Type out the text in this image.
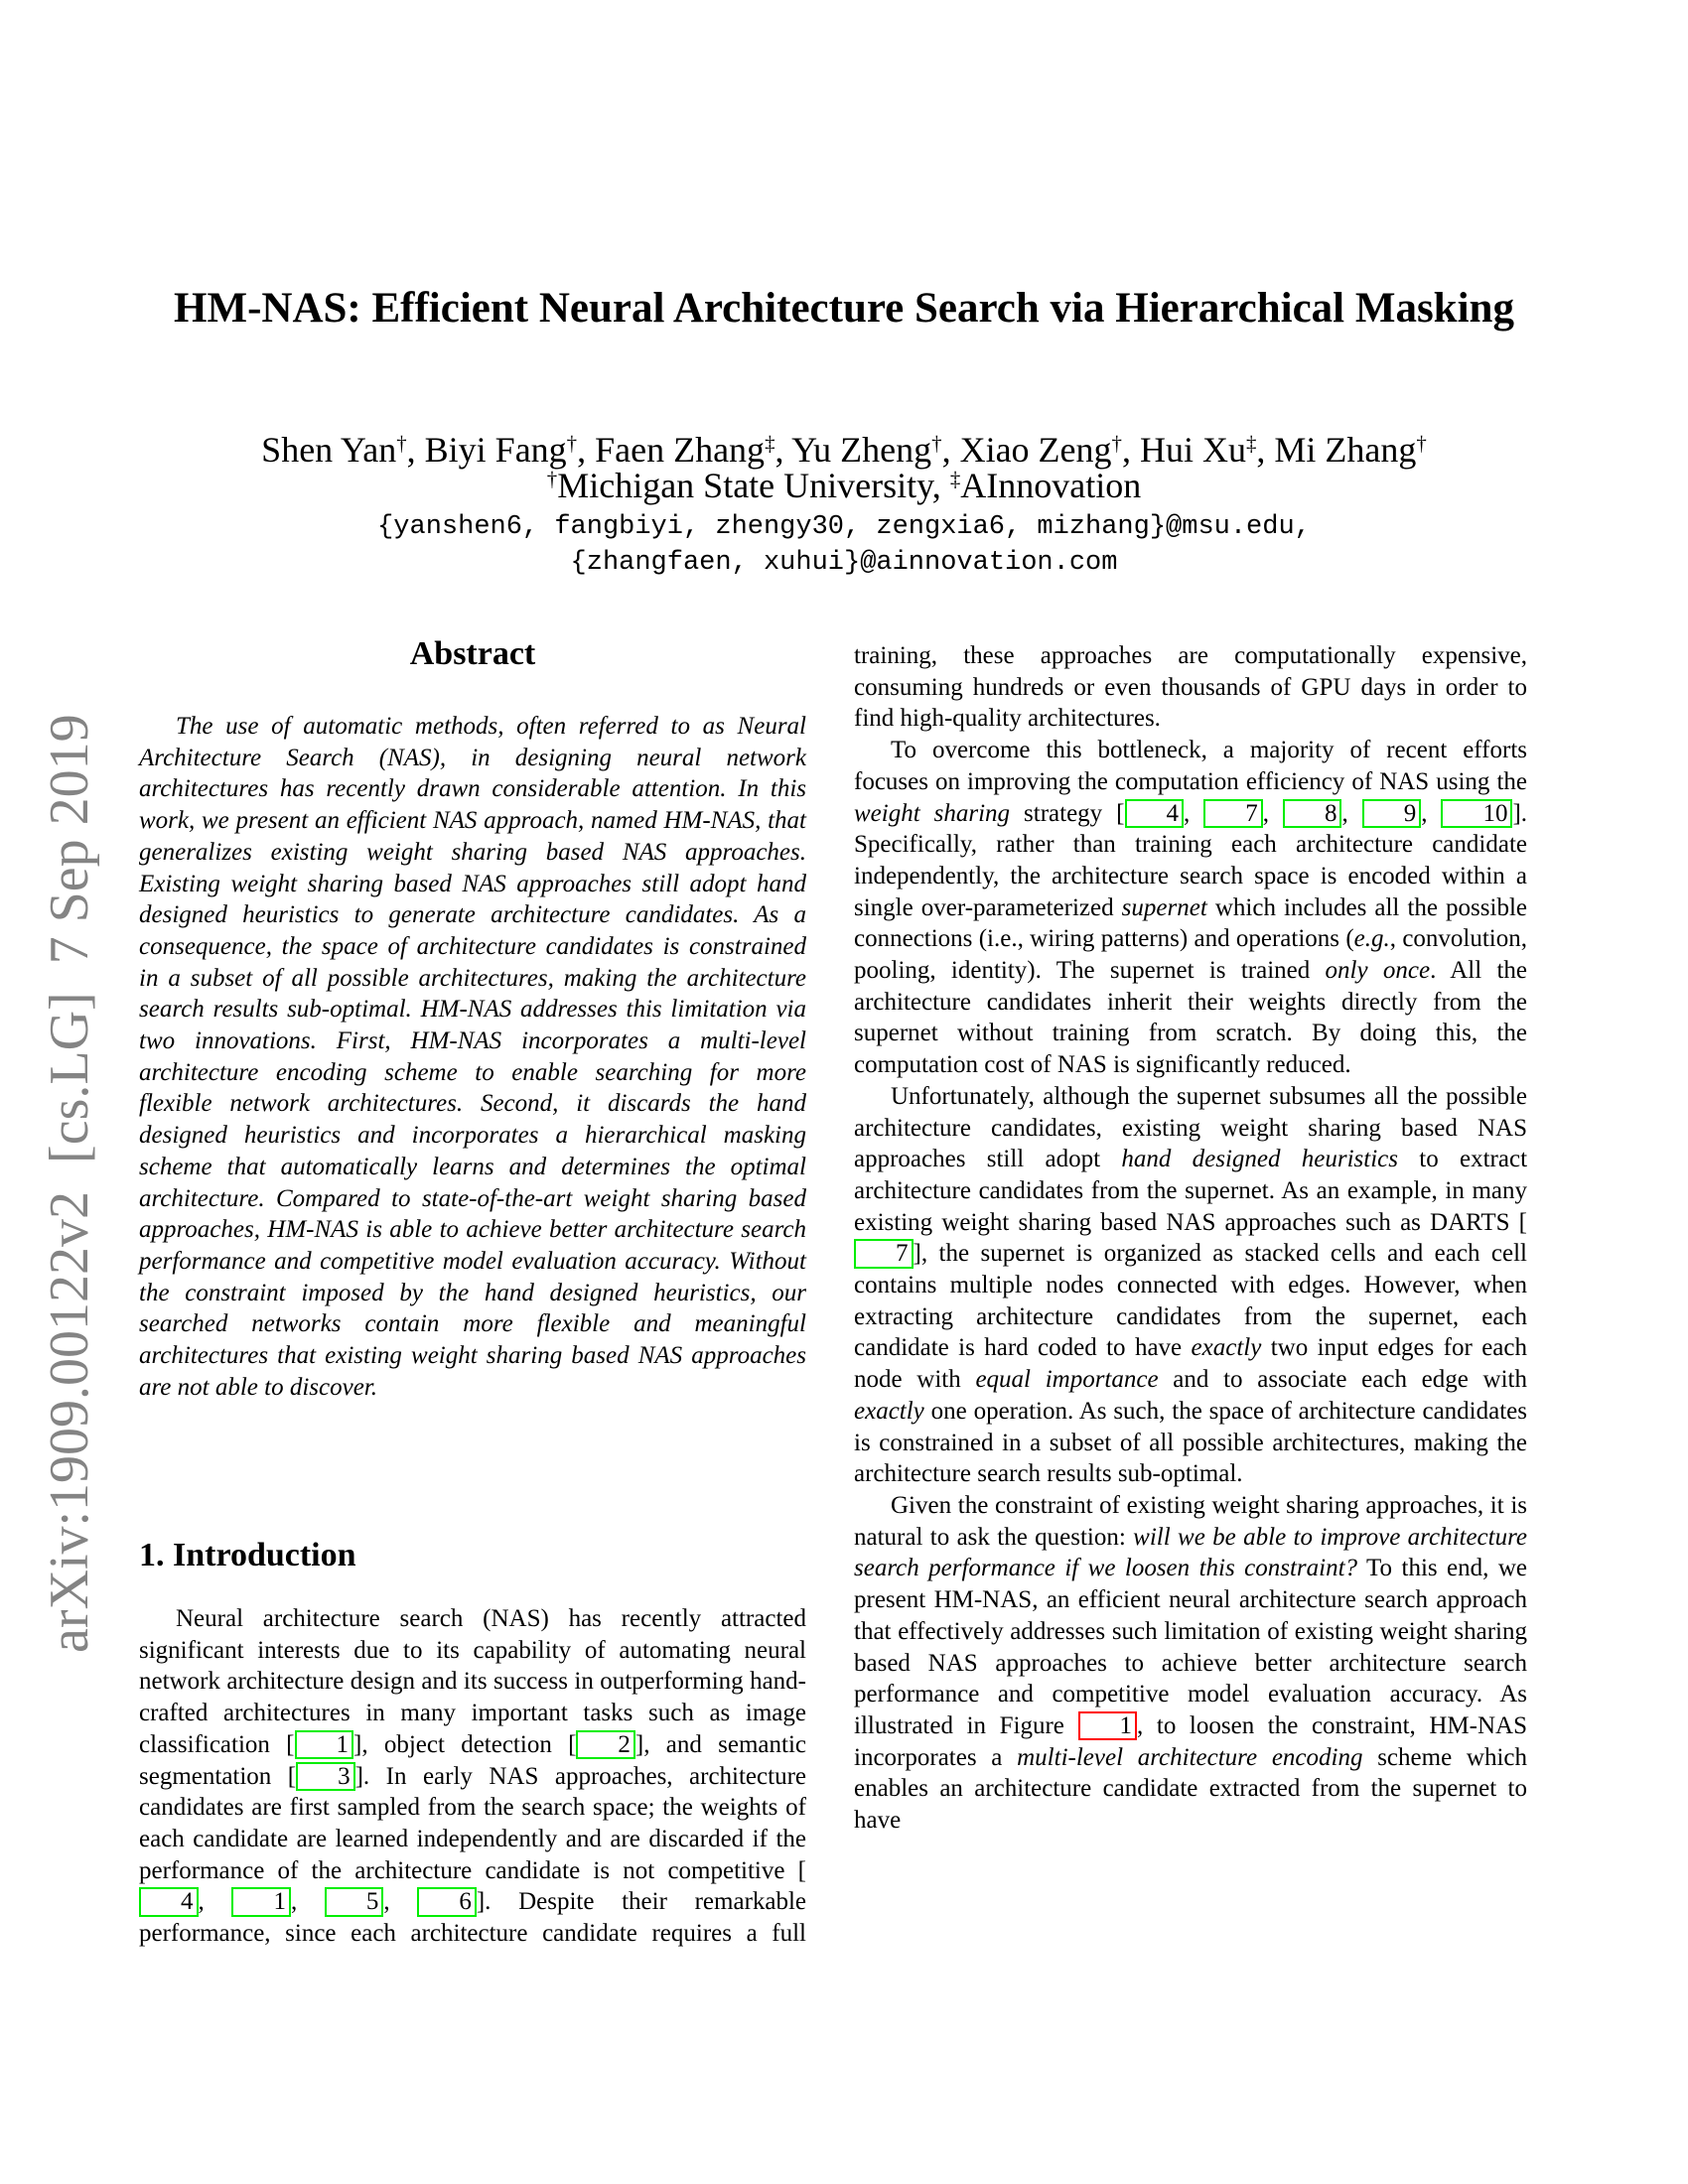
arXiv:1909.00122v2  [cs.LG]  7 Sep 2019
HM-NAS: Efficient Neural Architecture Search via Hierarchical Masking
Shen Yan†, Biyi Fang†, Faen Zhang‡, Yu Zheng†, Xiao Zeng†, Hui Xu‡, Mi Zhang†
†Michigan State University, ‡AInnovation
{yanshen6, fangbiyi, zhengy30, zengxia6, mizhang}@msu.edu,
{zhangfaen, xuhui}@ainnovation.com
Abstract

The use of automatic methods, often referred to as Neural Architecture Search (NAS), in designing neural network architectures has recently drawn considerable attention. In this work, we present an efficient NAS approach, named HM-NAS, that generalizes existing weight sharing based NAS approaches. Existing weight sharing based NAS approaches still adopt hand designed heuristics to generate architecture candidates. As a consequence, the space of architecture candidates is constrained in a subset of all possible architectures, making the architecture search results sub-optimal. HM-NAS addresses this limitation via two innovations. First, HM-NAS incorporates a multi-level architecture encoding scheme to enable searching for more flexible network architectures. Second, it discards the hand designed heuristics and incorporates a hierarchical masking scheme that automatically learns and determines the optimal architecture. Compared to state-of-the-art weight sharing based approaches, HM-NAS is able to achieve better architecture search performance and competitive model evaluation accuracy. Without the constraint imposed by the hand designed heuristics, our searched networks contain more flexible and meaningful architectures that existing weight sharing based NAS approaches are not able to discover.

1. Introduction

Neural architecture search (NAS) has recently attracted significant interests due to its capability of automating neural network architecture design and its success in outperforming hand-crafted architectures in many important tasks such as image classification [ 1 ], object detection [ 2 ], and semantic segmentation [ 3 ]. In early NAS approaches, architecture candidates are first sampled from the search space; the weights of each candidate are learned independently and are discarded if the performance of the architecture candidate is not competitive [4 , 1 , 5 , 6 ]. Despite their remarkable performance, since each architecture candidate requires a full

training, these approaches are computationally expensive, consuming hundreds or even thousands of GPU days in order to find high-quality architectures.

To overcome this bottleneck, a majority of recent efforts focuses on improving the computation efficiency of NAS using the weight sharing strategy [ 4 , 7 , 8 , 9 , 10 ]. Specifically, rather than training each architecture candidate independently, the architecture search space is encoded within a single over-parameterized supernet which includes all the possible connections (i.e., wiring patterns) and operations (e.g., convolution, pooling, identity). The supernet is trained only once. All the architecture candidates inherit their weights directly from the supernet without training from scratch. By doing this, the computation cost of NAS is significantly reduced.

Unfortunately, although the supernet subsumes all the possible architecture candidates, existing weight sharing based NAS approaches still adopt hand designed heuristics to extract architecture candidates from the supernet. As an example, in many existing weight sharing based NAS approaches such as DARTS [7 ], the supernet is organized as stacked cells and each cell contains multiple nodes connected with edges. However, when extracting architecture candidates from the supernet, each candidate is hard coded to have exactly two input edges for each node with equal importance and to associate each edge with exactly one operation. As such, the space of architecture candidates is constrained in a subset of all possible architectures, making the architecture search results sub-optimal.

Given the constraint of existing weight sharing approaches, it is natural to ask the question: will we be able to improve architecture search performance if we loosen this constraint? To this end, we present HM-NAS, an efficient neural architecture search approach that effectively addresses such limitation of existing weight sharing based NAS approaches to achieve better architecture search performance and competitive model evaluation accuracy. As illustrated in Figure 1 , to loosen the constraint, HM-NAS incorporates a multi-level architecture encoding scheme which enables an architecture candidate extracted from the supernet to have
